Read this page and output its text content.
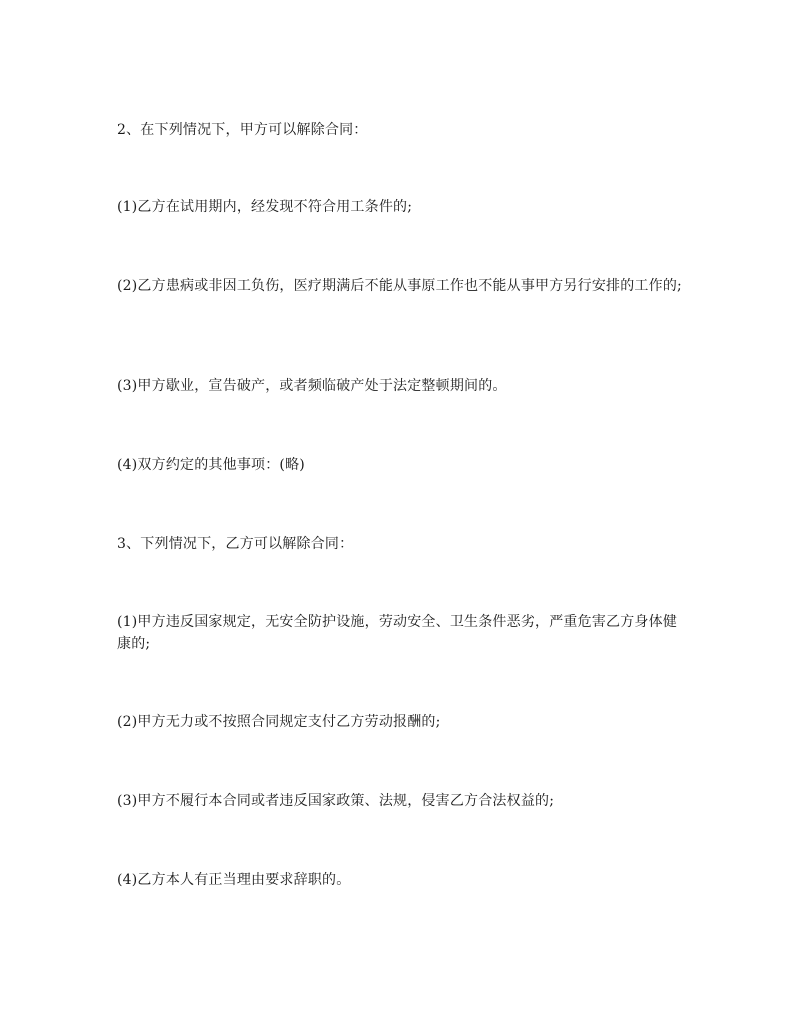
2、在下列情况下，甲方可以解除合同：

(1)乙方在试用期内，经发现不符合用工条件的;

(2)乙方患病或非因工负伤，医疗期满后不能从事原工作也不能从事甲方另行安排的工作的;

(3)甲方歇业，宣告破产，或者频临破产处于法定整顿期间的。

(4)双方约定的其他事项：(略)

3、下列情况下，乙方可以解除合同：

(1)甲方违反国家规定，无安全防护设施，劳动安全、卫生条件恶劣，严重危害乙方身体健康的;

(2)甲方无力或不按照合同规定支付乙方劳动报酬的;

(3)甲方不履行本合同或者违反国家政策、法规，侵害乙方合法权益的;

(4)乙方本人有正当理由要求辞职的。
